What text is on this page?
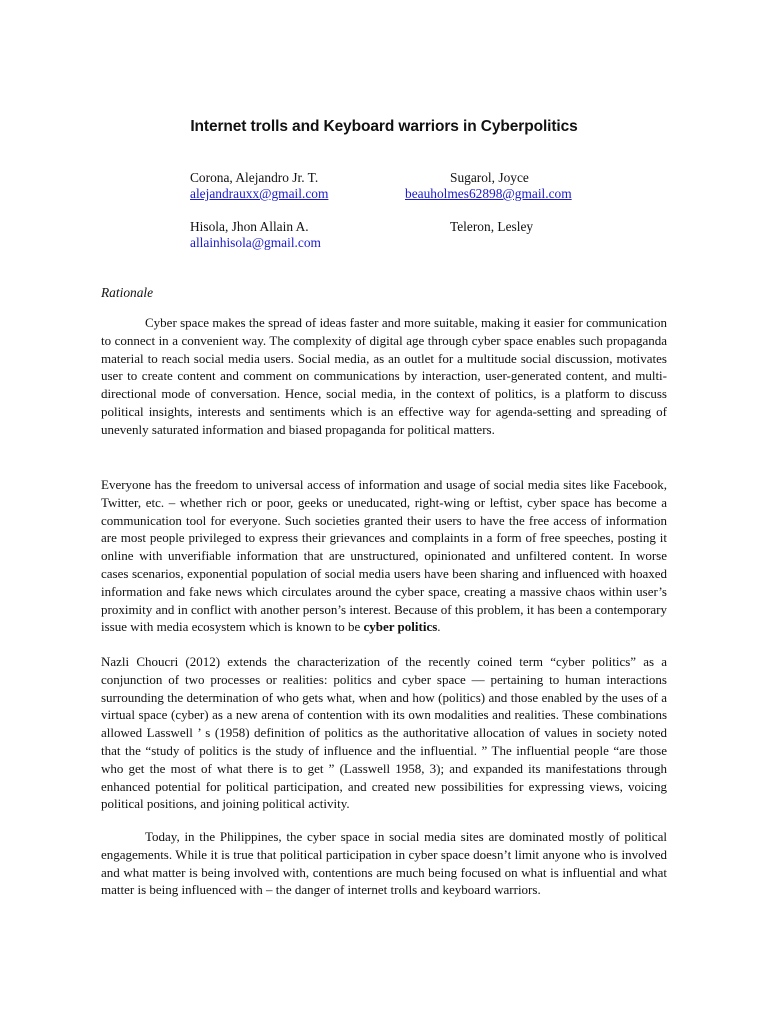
Internet trolls and Keyboard warriors in Cyberpolitics
Corona, Alejandro Jr. T.
alejandrauxx@gmail.com
Sugarol, Joyce
beauholmes62898@gmail.com
Hisola, Jhon Allain A.
allainhisola@gmail.com
Teleron, Lesley
Rationale

Cyber space makes the spread of ideas faster and more suitable, making it easier for communication to connect in a convenient way. The complexity of digital age through cyber space enables such propaganda material to reach social media users. Social media, as an outlet for a multitude social discussion, motivates user to create content and comment on communications by interaction, user-generated content, and multi-directional mode of conversation. Hence, social media, in the context of politics, is a platform to discuss political insights, interests and sentiments which is an effective way for agenda-setting and spreading of unevenly saturated information and biased propaganda for political matters.

Everyone has the freedom to universal access of information and usage of social media sites like Facebook, Twitter, etc. – whether rich or poor, geeks or uneducated, right-wing or leftist, cyber space has become a communication tool for everyone. Such societies granted their users to have the free access of information are most people privileged to express their grievances and complaints in a form of free speeches, posting it online with unverifiable information that are unstructured, opinionated and unfiltered content. In worse cases scenarios, exponential population of social media users have been sharing and influenced with hoaxed information and fake news which circulates around the cyber space, creating a massive chaos within user’s proximity and in conflict with another person’s interest. Because of this problem, it has been a contemporary issue with media ecosystem which is known to be cyber politics.

Nazli Choucri (2012) extends the characterization of the recently coined term “cyber politics” as a conjunction of two processes or realities: politics and cyber space — pertaining to human interactions surrounding the determination of who gets what, when and how (politics) and those enabled by the uses of a virtual space (cyber) as a new arena of contention with its own modalities and realities. These combinations allowed Lasswell ’ s (1958) definition of politics as the authoritative allocation of values in society noted that the “study of politics is the study of influence and the influential. ” The influential people “are those who get the most of what there is to get ” (Lasswell 1958, 3); and expanded its manifestations through enhanced potential for political participation, and created new possibilities for expressing views, voicing political positions, and joining political activity.

Today, in the Philippines, the cyber space in social media sites are dominated mostly of political engagements. While it is true that political participation in cyber space doesn’t limit anyone who is involved and what matter is being involved with, contentions are much being focused on what is influential and what matter is being influenced with – the danger of internet trolls and keyboard warriors.
